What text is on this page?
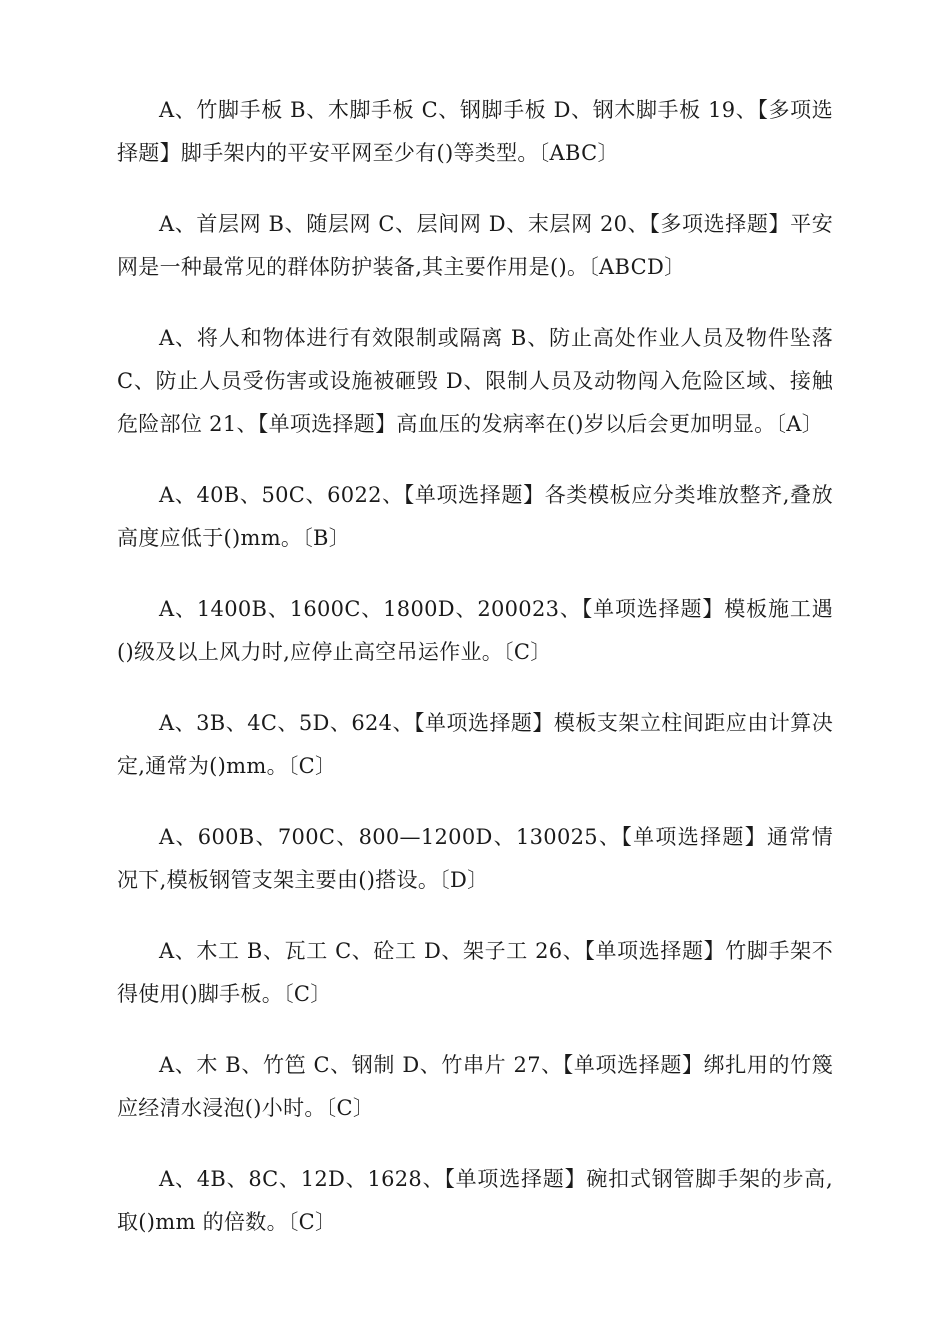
A、竹脚手板 B、木脚手板 C、钢脚手板 D、钢木脚手板 19、【多项选择题】脚手架内的平安平网至少有()等类型。〔ABC〕

A、首层网 B、随层网 C、层间网 D、末层网 20、【多项选择题】平安网是一种最常见的群体防护装备,其主要作用是()。〔ABCD〕

A、将人和物体进行有效限制或隔离 B、防止高处作业人员及物件坠落 C、防止人员受伤害或设施被砸毁 D、限制人员及动物闯入危险区域、接触危险部位 21、【单项选择题】高血压的发病率在()岁以后会更加明显。〔A〕

A、40B、50C、6022、【单项选择题】各类模板应分类堆放整齐,叠放高度应低于()mm。〔B〕

A、1400B、1600C、1800D、200023、【单项选择题】模板施工遇()级及以上风力时,应停止高空吊运作业。〔C〕

A、3B、4C、5D、624、【单项选择题】模板支架立柱间距应由计算决定,通常为()mm。〔C〕

A、600B、700C、800—1200D、130025、【单项选择题】通常情况下,模板钢管支架主要由()搭设。〔D〕

A、木工 B、瓦工 C、砼工 D、架子工 26、【单项选择题】竹脚手架不得使用()脚手板。〔C〕

A、木 B、竹笆 C、钢制 D、竹串片 27、【单项选择题】绑扎用的竹篾应经清水浸泡()小时。〔C〕

A、4B、8C、12D、1628、【单项选择题】碗扣式钢管脚手架的步高,取()mm 的倍数。〔C〕
